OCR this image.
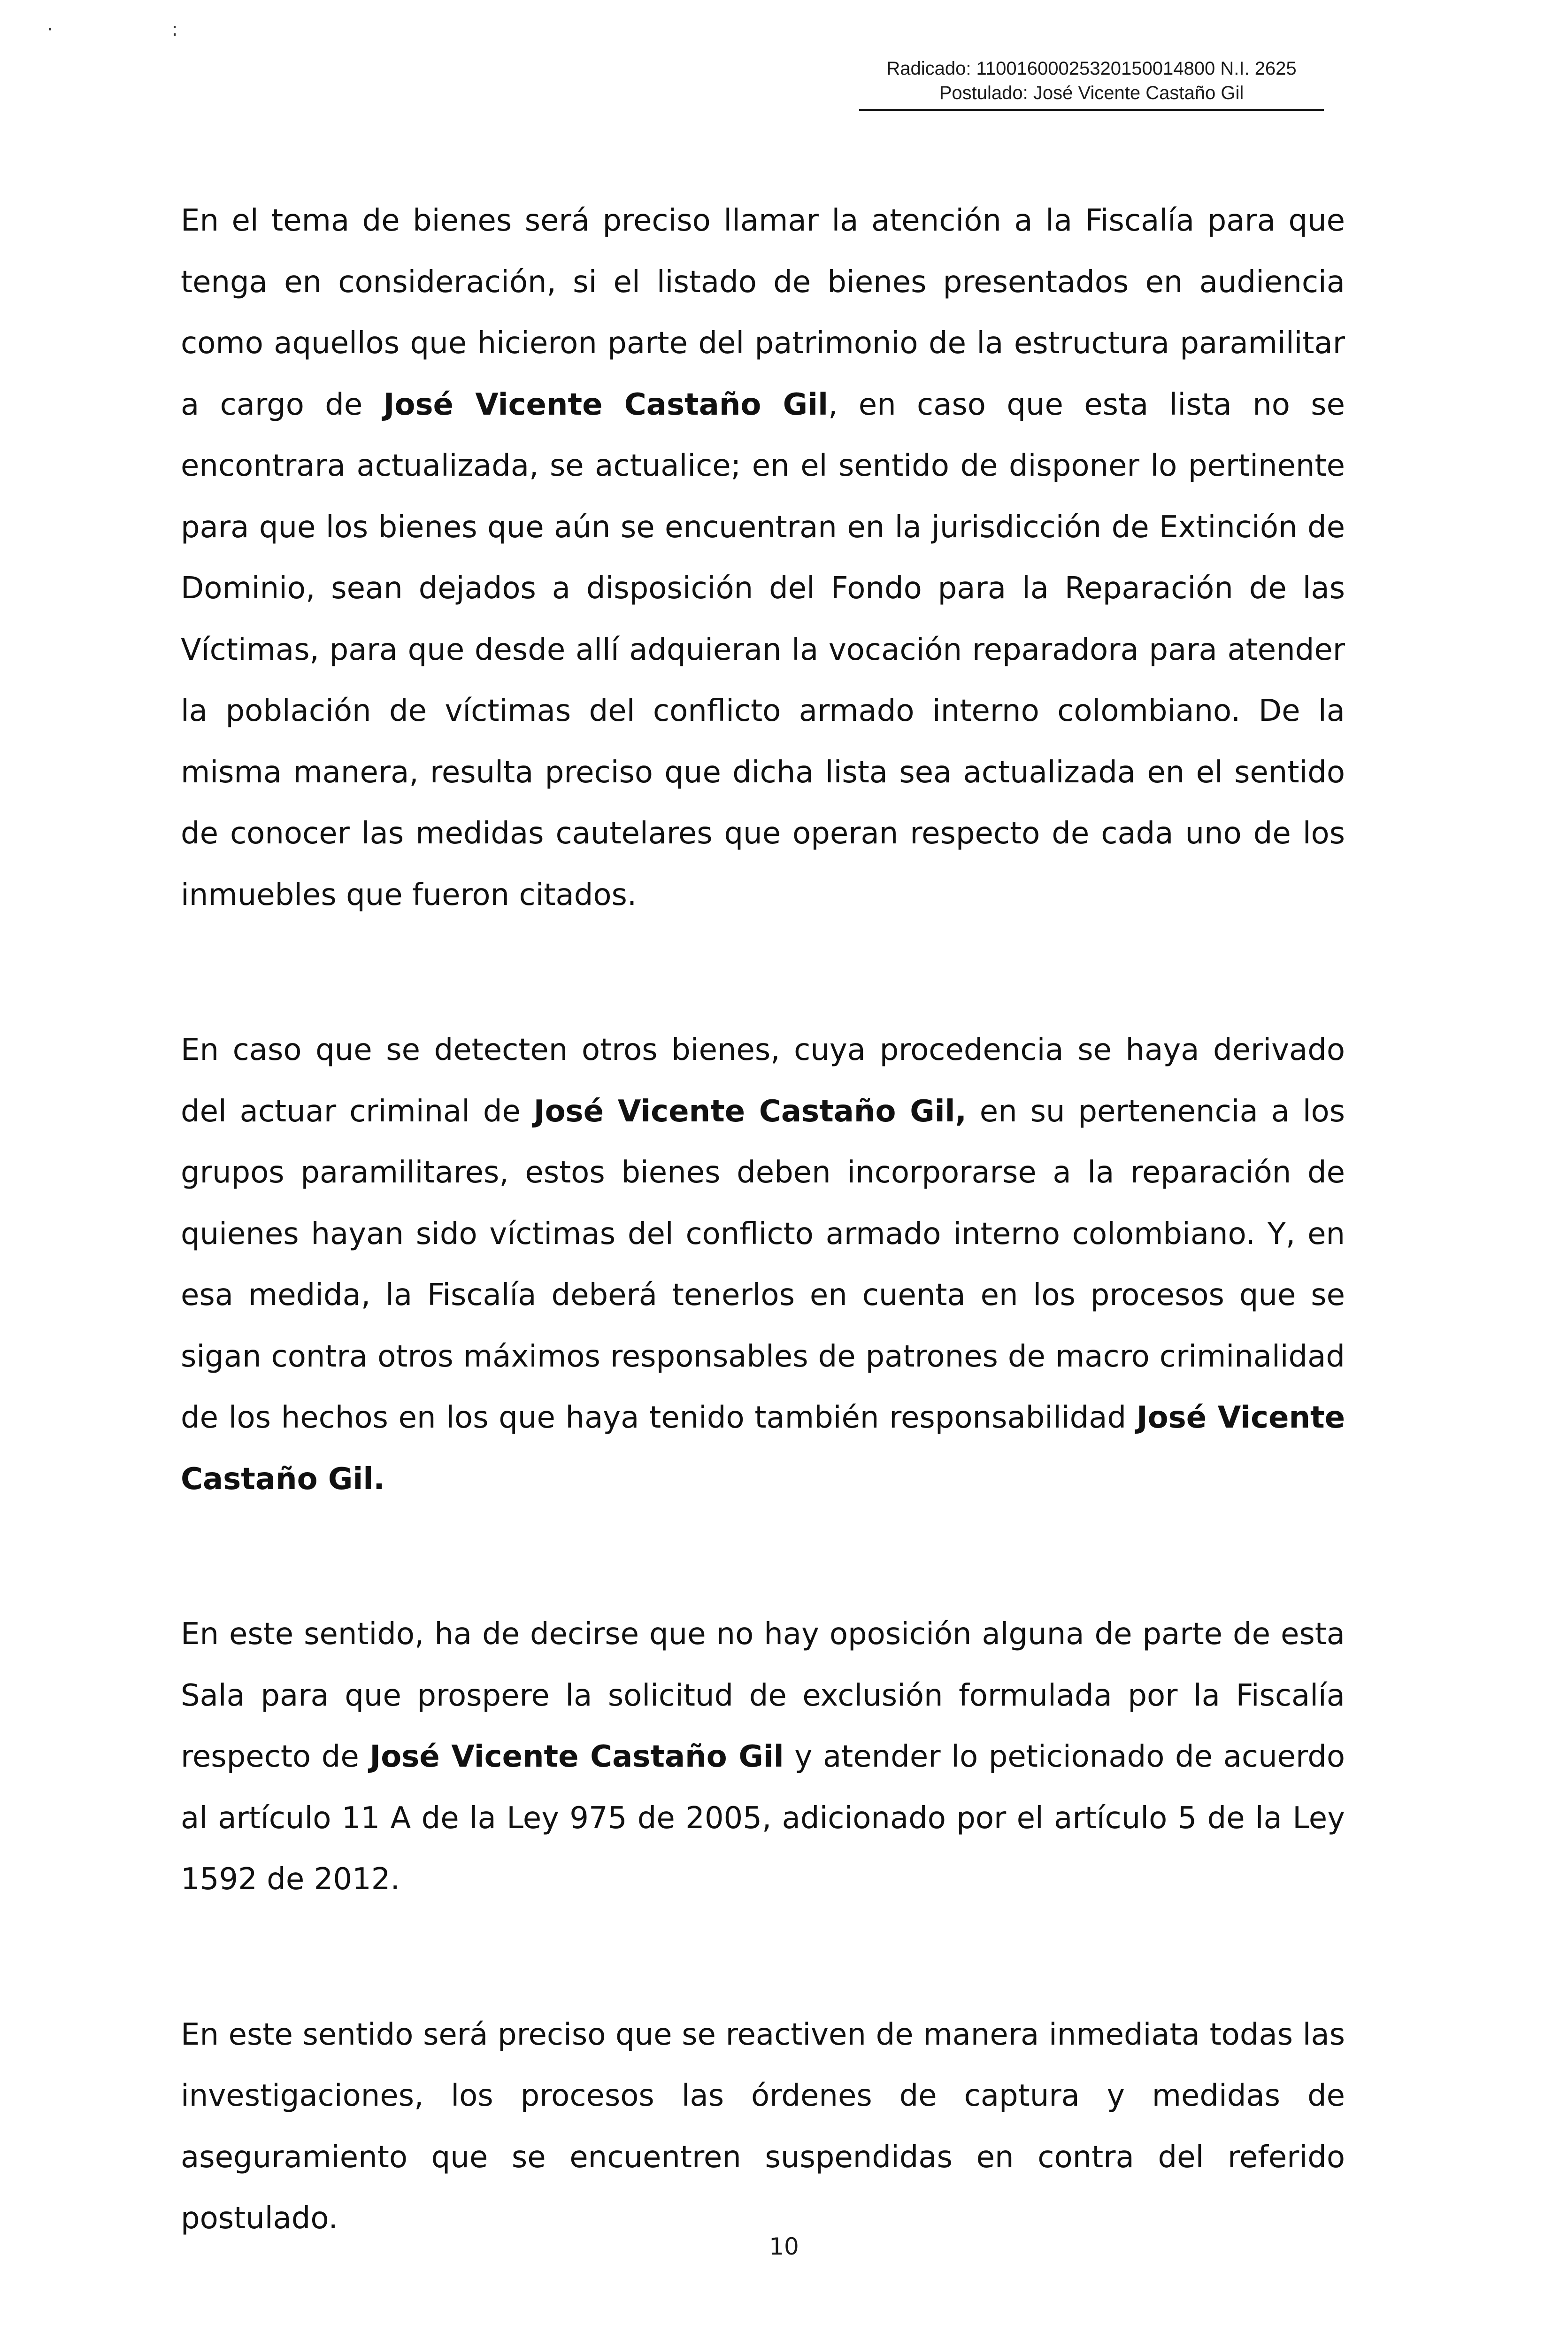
· :
Radicado: 11001600025320150014800 N.I. 2625
Postulado: José Vicente Castaño Gil

En el tema de bienes será preciso llamar la atención a la Fiscalía para que tenga en consideración, si el listado de bienes presentados en audiencia como aquellos que hicieron parte del patrimonio de la estructura paramilitar a cargo de José Vicente Castaño Gil, en caso que esta lista no se encontrara actualizada, se actualice; en el sentido de disponer lo pertinente para que los bienes que aún se encuentran en la jurisdicción de Extinción de Dominio, sean dejados a disposición del Fondo para la Reparación de las Víctimas, para que desde allí adquieran la vocación reparadora para atender la población de víctimas del conflicto armado interno colombiano. De la misma manera, resulta preciso que dicha lista sea actualizada en el sentido de conocer las medidas cautelares que operan respecto de cada uno de los inmuebles que fueron citados.

En caso que se detecten otros bienes, cuya procedencia se haya derivado del actuar criminal de José Vicente Castaño Gil, en su pertenencia a los grupos paramilitares, estos bienes deben incorporarse a la reparación de quienes hayan sido víctimas del conflicto armado interno colombiano. Y, en esa medida, la Fiscalía deberá tenerlos en cuenta en los procesos que se sigan contra otros máximos responsables de patrones de macro criminalidad de los hechos en los que haya tenido también responsabilidad José Vicente Castaño Gil.

En este sentido, ha de decirse que no hay oposición alguna de parte de esta Sala para que prospere la solicitud de exclusión formulada por la Fiscalía respecto de José Vicente Castaño Gil y atender lo peticionado de acuerdo al artículo 11 A de la Ley 975 de 2005, adicionado por el artículo 5 de la Ley 1592 de 2012.

En este sentido será preciso que se reactiven de manera inmediata todas las investigaciones, los procesos las órdenes de captura y medidas de aseguramiento que se encuentren suspendidas en contra del referido postulado.

10
